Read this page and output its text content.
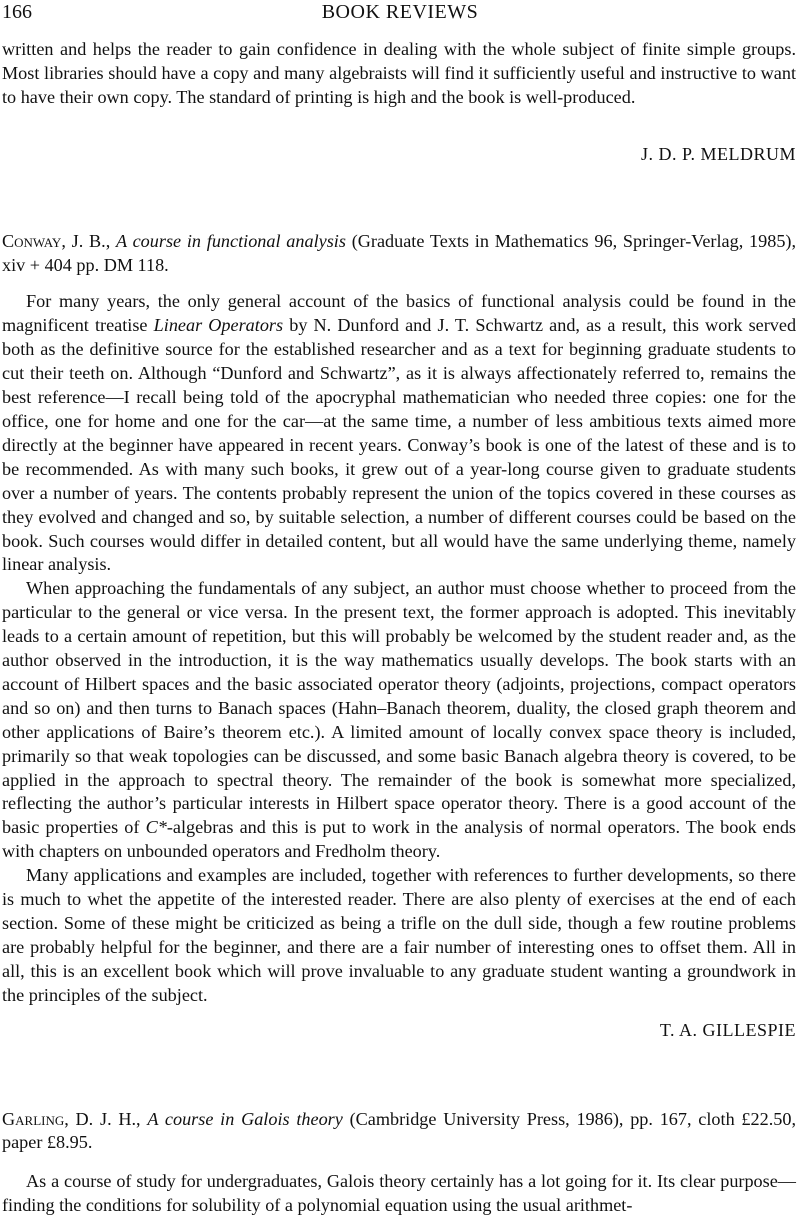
166	BOOK REVIEWS

written and helps the reader to gain confidence in dealing with the whole subject of finite simple groups. Most libraries should have a copy and many algebraists will find it sufficiently useful and instructive to want to have their own copy. The standard of printing is high and the book is well-produced.

J. D. P. MELDRUM

Conway, J. B., A course in functional analysis (Graduate Texts in Mathematics 96, Springer-Verlag, 1985), xiv + 404 pp. DM 118.

For many years, the only general account of the basics of functional analysis could be found in the magnificent treatise Linear Operators by N. Dunford and J. T. Schwartz and, as a result, this work served both as the definitive source for the established researcher and as a text for beginning graduate students to cut their teeth on. Although “Dunford and Schwartz”, as it is always affectionately referred to, remains the best reference—I recall being told of the apocryphal mathematician who needed three copies: one for the office, one for home and one for the car—at the same time, a number of less ambitious texts aimed more directly at the beginner have appeared in recent years. Conway’s book is one of the latest of these and is to be recommended. As with many such books, it grew out of a year-long course given to graduate students over a number of years. The contents probably represent the union of the topics covered in these courses as they evolved and changed and so, by suitable selection, a number of different courses could be based on the book. Such courses would differ in detailed content, but all would have the same underlying theme, namely linear analysis.

When approaching the fundamentals of any subject, an author must choose whether to proceed from the particular to the general or vice versa. In the present text, the former approach is adopted. This inevitably leads to a certain amount of repetition, but this will probably be welcomed by the student reader and, as the author observed in the introduction, it is the way mathematics usually develops. The book starts with an account of Hilbert spaces and the basic associated operator theory (adjoints, projections, compact operators and so on) and then turns to Banach spaces (Hahn–Banach theorem, duality, the closed graph theorem and other applications of Baire’s theorem etc.). A limited amount of locally convex space theory is included, primarily so that weak topologies can be discussed, and some basic Banach algebra theory is covered, to be applied in the approach to spectral theory. The remainder of the book is somewhat more specialized, reflecting the author’s particular interests in Hilbert space operator theory. There is a good account of the basic properties of C*-algebras and this is put to work in the analysis of normal operators. The book ends with chapters on unbounded operators and Fredholm theory.

Many applications and examples are included, together with references to further developments, so there is much to whet the appetite of the interested reader. There are also plenty of exercises at the end of each section. Some of these might be criticized as being a trifle on the dull side, though a few routine problems are probably helpful for the beginner, and there are a fair number of interesting ones to offset them. All in all, this is an excellent book which will prove invaluable to any graduate student wanting a groundwork in the principles of the subject.

T. A. GILLESPIE

Garling, D. J. H., A course in Galois theory (Cambridge University Press, 1986), pp. 167, cloth £22.50, paper £8.95.

As a course of study for undergraduates, Galois theory certainly has a lot going for it. Its clear purpose—finding the conditions for solubility of a polynomial equation using the usual arithmet-
